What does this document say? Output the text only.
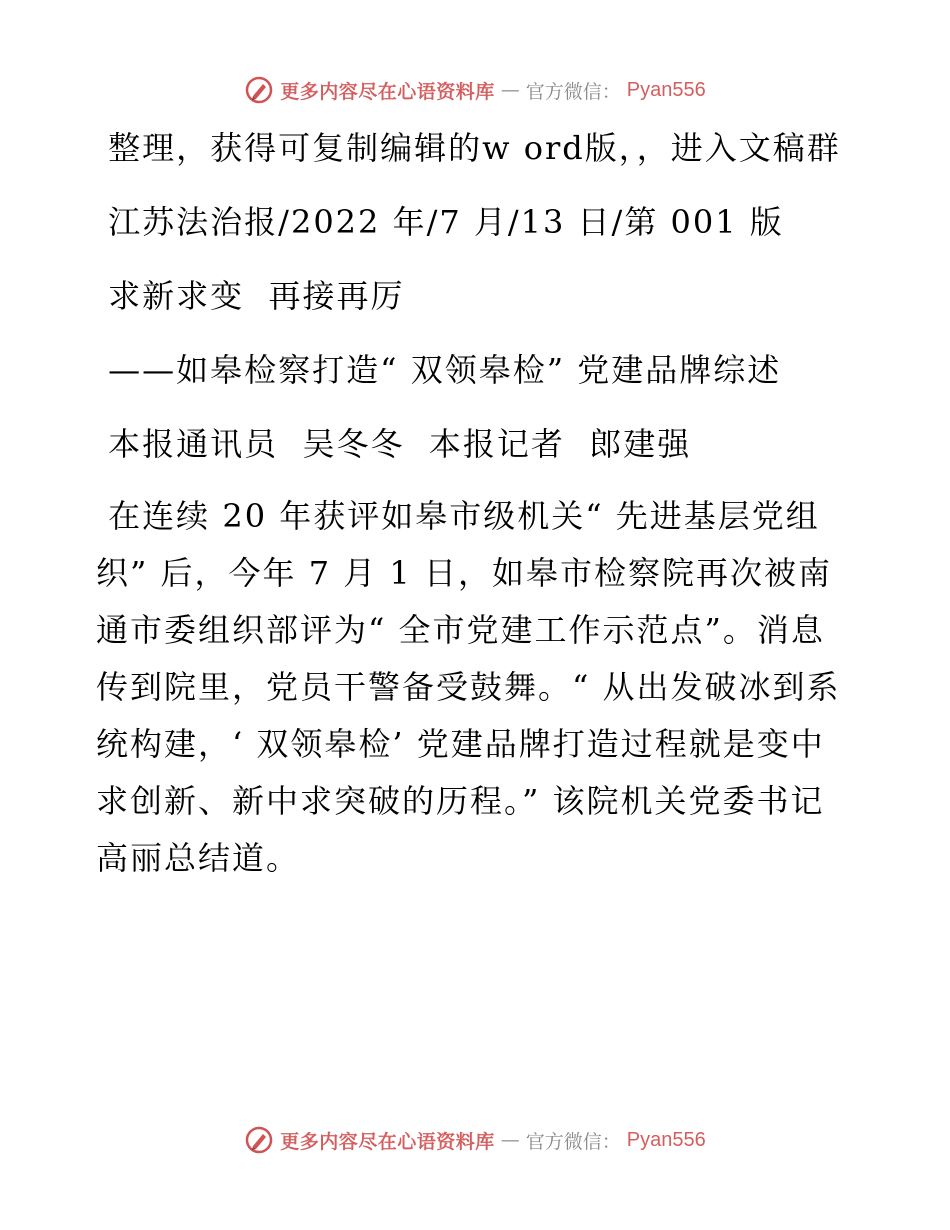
更多内容尽在心语资料库 — 官方微信： Pyan556

整理，获得可复制编辑的w ord版，，进入文稿群

江苏法治报/2022 年/7 月/13 日/第 001 版

求新求变  再接再厉

——如皋检察打造“ 双领皋检” 党建品牌综述

本报通讯员  吴冬冬  本报记者  郎建强

在连续 20 年获评如皋市级机关“ 先进基层党组织” 后，今年 7 月 1 日，如皋市检察院再次被南通市委组织部评为“ 全市党建工作示范点”。消息传到院里，党员干警备受鼓舞。“ 从出发破冰到系统构建，‘ 双领皋检’ 党建品牌打造过程就是变中求创新、新中求突破的历程。” 该院机关党委书记高丽总结道。

更多内容尽在心语资料库 — 官方微信： Pyan556
